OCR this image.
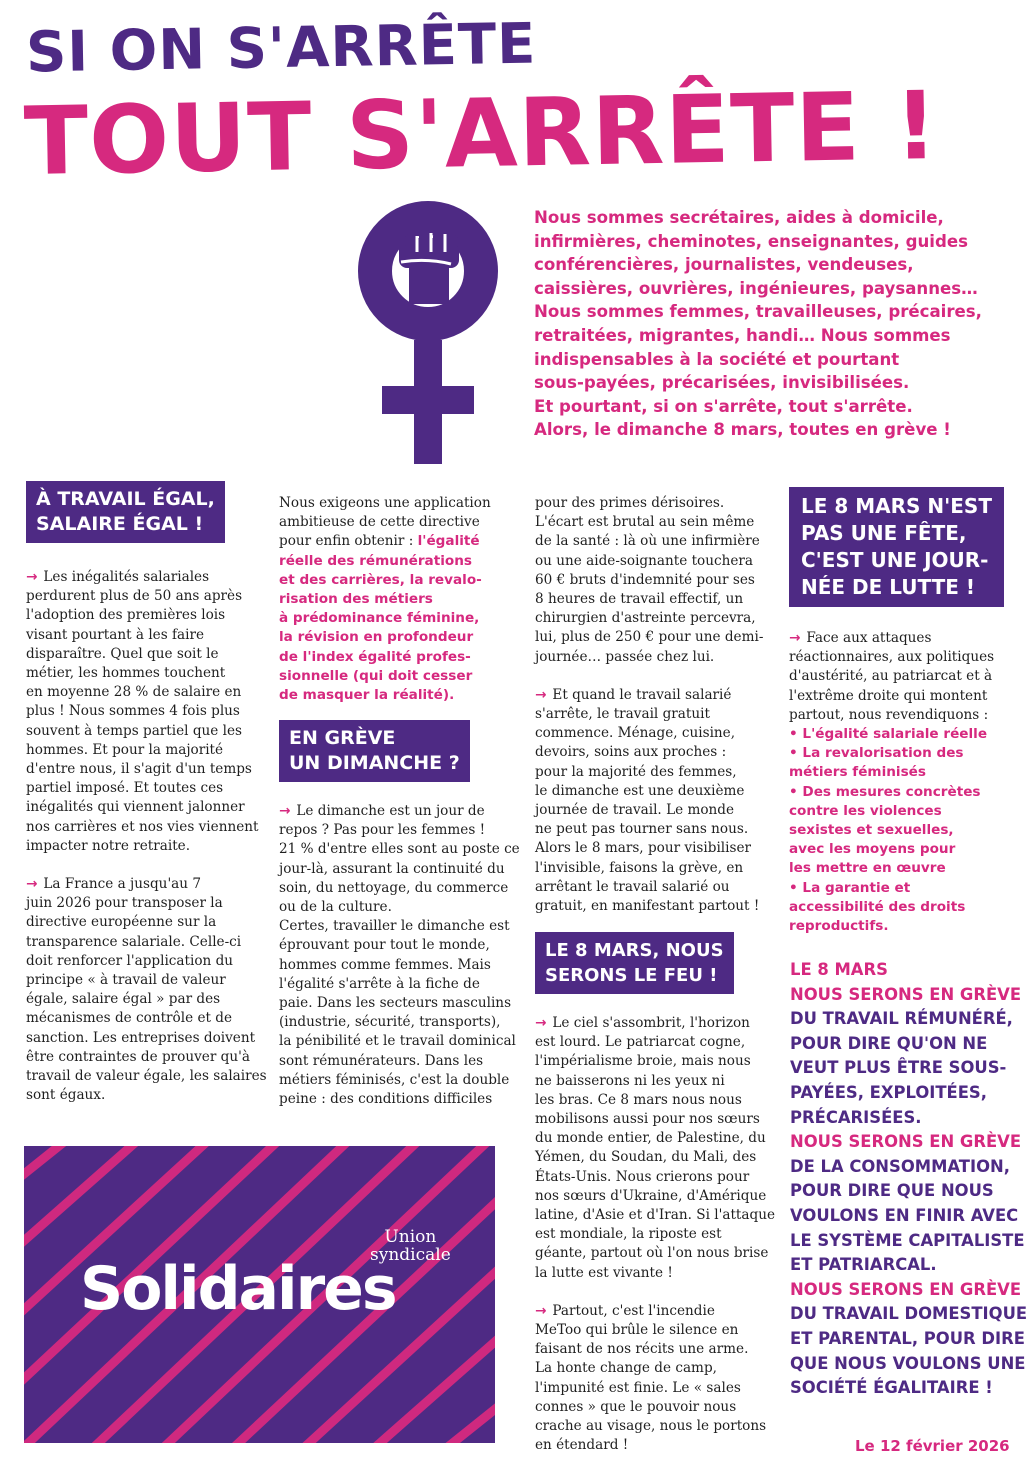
SI ON S'ARRÊTE
TOUT S'ARRÊTE !

Nous sommes secrétaires, aides à domicile,

infirmières, cheminotes, enseignantes, guides

conférencières, journalistes, vendeuses,

caissières, ouvrières, ingénieures, paysannes…

Nous sommes femmes, travailleuses, précaires,

retraitées, migrantes, handi… Nous sommes

indispensables à la société et pourtant

sous-payées, précarisées, invisibilisées.

Et pourtant, si on s'arrête, tout s'arrête.

Alors, le dimanche 8 mars, toutes en grève !

À TRAVAIL ÉGAL,
SALAIRE ÉGAL !
→ Les inégalités salariales
perdurent plus de 50 ans après
l'adoption des premières lois
visant pourtant à les faire
disparaître. Quel que soit le
métier, les hommes touchent
en moyenne 28 % de salaire en
plus ! Nous sommes 4 fois plus
souvent à temps partiel que les
hommes. Et pour la majorité
d'entre nous, il s'agit d'un temps
partiel imposé. Et toutes ces
inégalités qui viennent jalonner
nos carrières et nos vies viennent
impacter notre retraite.
→ La France a jusqu'au 7
juin 2026 pour transposer la
directive européenne sur la
transparence salariale. Celle-ci
doit renforcer l'application du
principe « à travail de valeur
égale, salaire égal » par des
mécanismes de contrôle et de
sanction. Les entreprises doivent
être contraintes de prouver qu'à
travail de valeur égale, les salaires
sont égaux.
Nous exigeons une application
ambitieuse de cette directive
pour enfin obtenir : l'égalité
réelle des rémunérations
et des carrières, la revalo-
risation des métiers
à prédominance féminine,
la révision en profondeur
de l'index égalité profes-
sionnelle (qui doit cesser
de masquer la réalité).
EN GRÈVE
UN DIMANCHE ?
→ Le dimanche est un jour de
repos ? Pas pour les femmes !
21 % d'entre elles sont au poste ce
jour-là, assurant la continuité du
soin, du nettoyage, du commerce
ou de la culture.
Certes, travailler le dimanche est
éprouvant pour tout le monde,
hommes comme femmes. Mais
l'égalité s'arrête à la fiche de
paie. Dans les secteurs masculins
(industrie, sécurité, transports),
la pénibilité et le travail dominical
sont rémunérateurs. Dans les
métiers féminisés, c'est la double
peine : des conditions difficiles
pour des primes dérisoires.
L'écart est brutal au sein même
de la santé : là où une infirmière
ou une aide-soignante touchera
60 € bruts d'indemnité pour ses
8 heures de travail effectif, un
chirurgien d'astreinte percevra,
lui, plus de 250 € pour une demi-
journée… passée chez lui.
→ Et quand le travail salarié
s'arrête, le travail gratuit
commence. Ménage, cuisine,
devoirs, soins aux proches :
pour la majorité des femmes,
le dimanche est une deuxième
journée de travail. Le monde
ne peut pas tourner sans nous.
Alors le 8 mars, pour visibiliser
l'invisible, faisons la grève, en
arrêtant le travail salarié ou
gratuit, en manifestant partout !
LE 8 MARS, NOUS
SERONS LE FEU !
→ Le ciel s'assombrit, l'horizon
est lourd. Le patriarcat cogne,
l'impérialisme broie, mais nous
ne baisserons ni les yeux ni
les bras. Ce 8 mars nous nous
mobilisons aussi pour nos sœurs
du monde entier, de Palestine, du
Yémen, du Soudan, du Mali, des
États-Unis. Nous crierons pour
nos sœurs d'Ukraine, d'Amérique
latine, d'Asie et d'Iran. Si l'attaque
est mondiale, la riposte est
géante, partout où l'on nous brise
la lutte est vivante !
→ Partout, c'est l'incendie
MeToo qui brûle le silence en
faisant de nos récits une arme.
La honte change de camp,
l'impunité est finie. Le « sales
connes » que le pouvoir nous
crache au visage, nous le portons
en étendard !
LE 8 MARS N'EST
PAS UNE FÊTE,
C'EST UNE JOUR-
NÉE DE LUTTE !
→ Face aux attaques
réactionnaires, aux politiques
d'austérité, au patriarcat et à
l'extrême droite qui montent
partout, nous revendiquons :
• L'égalité salariale réelle
• La revalorisation des
métiers féminisés
• Des mesures concrètes
contre les violences
sexistes et sexuelles,
avec les moyens pour
les mettre en œuvre
• La garantie et
accessibilité des droits
reproductifs.
LE 8 MARS
NOUS SERONS EN GRÈVE
DU TRAVAIL RÉMUNÉRÉ,
POUR DIRE QU'ON NE
VEUT PLUS ÊTRE SOUS-
PAYÉES, EXPLOITÉES,
PRÉCARISÉES.
NOUS SERONS EN GRÈVE
DE LA CONSOMMATION,
POUR DIRE QUE NOUS
VOULONS EN FINIR AVEC
LE SYSTÈME CAPITALISTE
ET PATRIARCAL.
NOUS SERONS EN GRÈVE
DU TRAVAIL DOMESTIQUE
ET PARENTAL, POUR DIRE
QUE NOUS VOULONS UNE
SOCIÉTÉ ÉGALITAIRE !
Union
syndicale
Solidaires
Le 12 février 2026
